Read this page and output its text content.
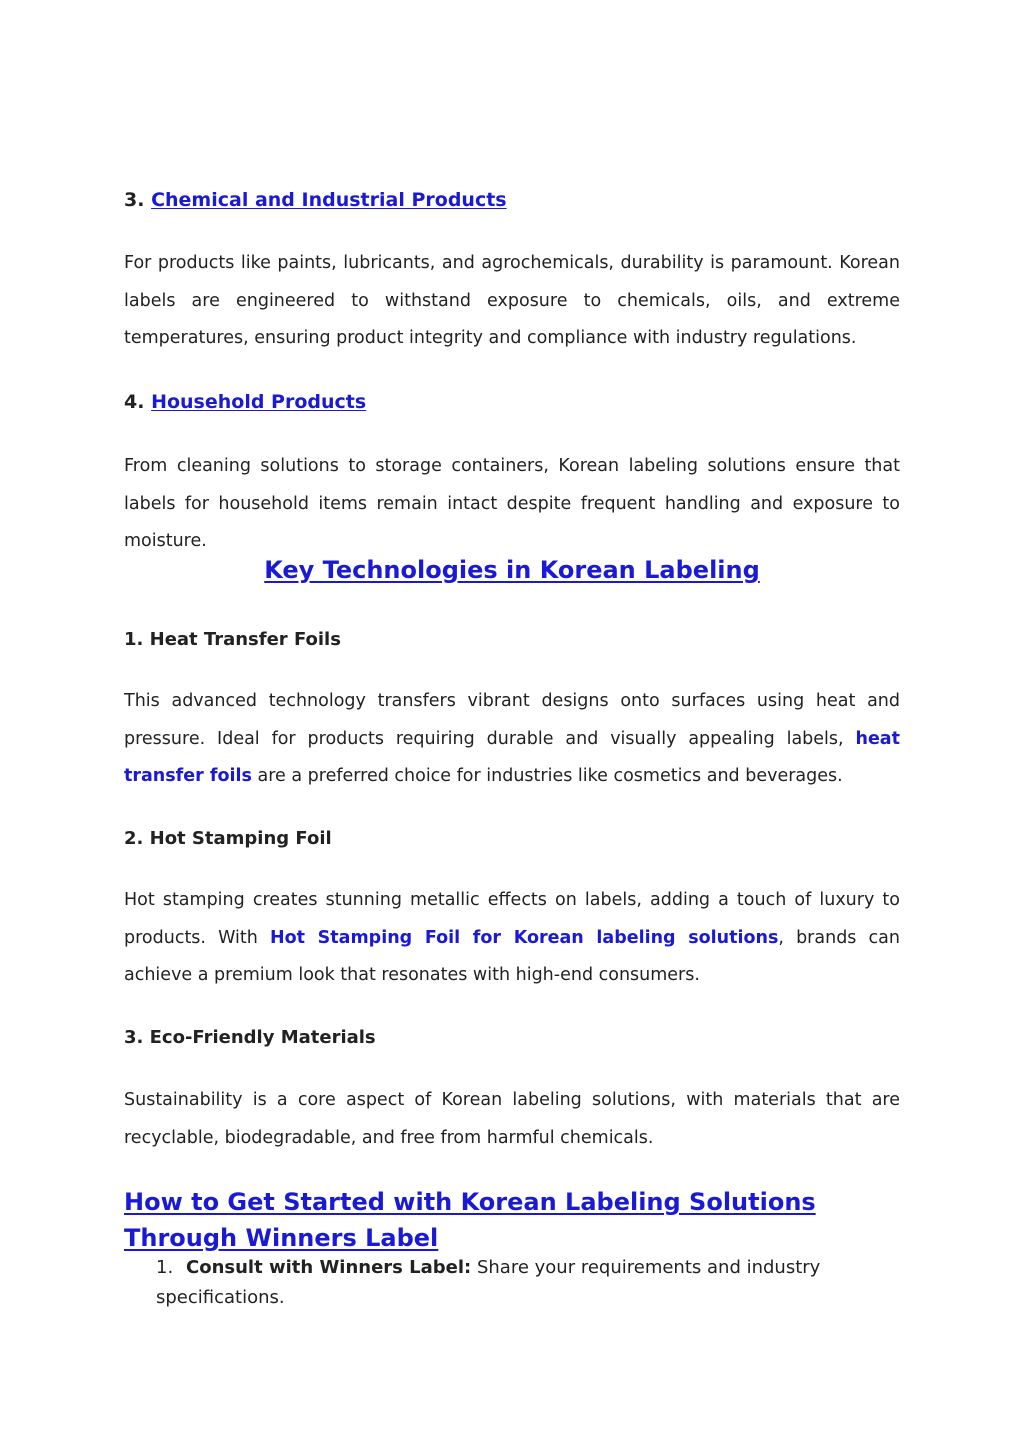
3. Chemical and Industrial Products

For products like paints, lubricants, and agrochemicals, durability is paramount. Korean labels are engineered to withstand exposure to chemicals, oils, and extreme temperatures, ensuring product integrity and compliance with industry regulations.

4. Household Products

From cleaning solutions to storage containers, Korean labeling solutions ensure that labels for household items remain intact despite frequent handling and exposure to moisture.

Key Technologies in Korean Labeling
1. Heat Transfer Foils

This advanced technology transfers vibrant designs onto surfaces using heat and pressure. Ideal for products requiring durable and visually appealing labels, heat transfer foils are a preferred choice for industries like cosmetics and beverages.

2. Hot Stamping Foil

Hot stamping creates stunning metallic effects on labels, adding a touch of luxury to products. With Hot Stamping Foil for Korean labeling solutions, brands can achieve a premium look that resonates with high-end consumers.

3. Eco-Friendly Materials

Sustainability is a core aspect of Korean labeling solutions, with materials that are recyclable, biodegradable, and free from harmful chemicals.

How to Get Started with Korean Labeling Solutions Through Winners Label

1. Consult with Winners Label: Share your requirements and industry specifications.
